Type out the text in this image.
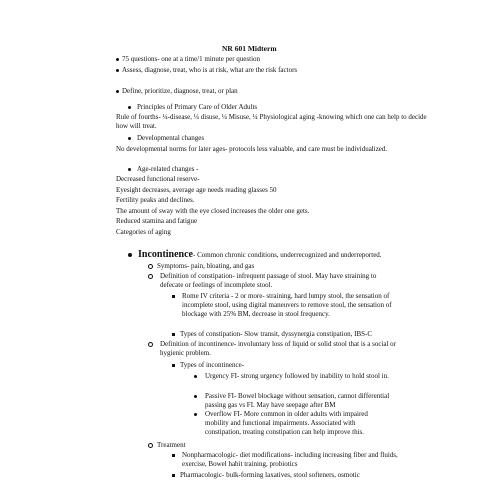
NR 601 Midterm
75 questions- one at a time/1 minute per question
Assess, diagnose, treat, who is at risk, what are the risk factors
Define, prioritize, diagnose, treat, or plan
Principles of Primary Care of Older Adults
Rule of fourths- ¼-disease, ¼ disuse, ¼ Misuse, ¼ Physiological aging -knowing which one can help to decide how will treat.
Developmental changes
No developmental norms for later ages- protocols less valuable, and care must be individualized.
Age-related changes -
Decreased functional reserve-
Eyesight decreases, average age needs reading glasses 50
Fertility peaks and declines.
The amount of sway with the eye closed increases the older one gets.
Reduced stamina and fatigue
Categories of aging
Incontinence- Common chronic conditions, underrecognized and underreported.
Symptoms- pain, bloating, and gas
Definition of constipation- infrequent passage of stool. May have straining to defecate or feelings of incomplete stool.
Rome IV criteria - 2 or more- straining, hard lumpy stool, the sensation of incomplete stool, using digital maneuvers to remove stool, the sensation of blockage with 25% BM, decrease in stool frequency.
Types of constipation- Slow transit, dyssynergia constipation, IBS-C
Definition of incontinence- involuntary loss of liquid or solid stool that is a social or hygienic problem.
Types of incontinence-
Urgency FI- strong urgency followed by inability to hold stool in.
Passive FI- Bowel blockage without sensation, cannot differential passing gas vs FI. May have seepage after BM
Overflow FI- More common in older adults with impaired mobility and functional impairments. Associated with constipation, treating constipation can help improve this.
Treatment
Nonpharmacologic- diet modifications- including increasing fiber and fluids, exercise, Bowel habit training, probiotics
Pharmacologic- bulk-forming laxatives, stool softeners, osmotic
